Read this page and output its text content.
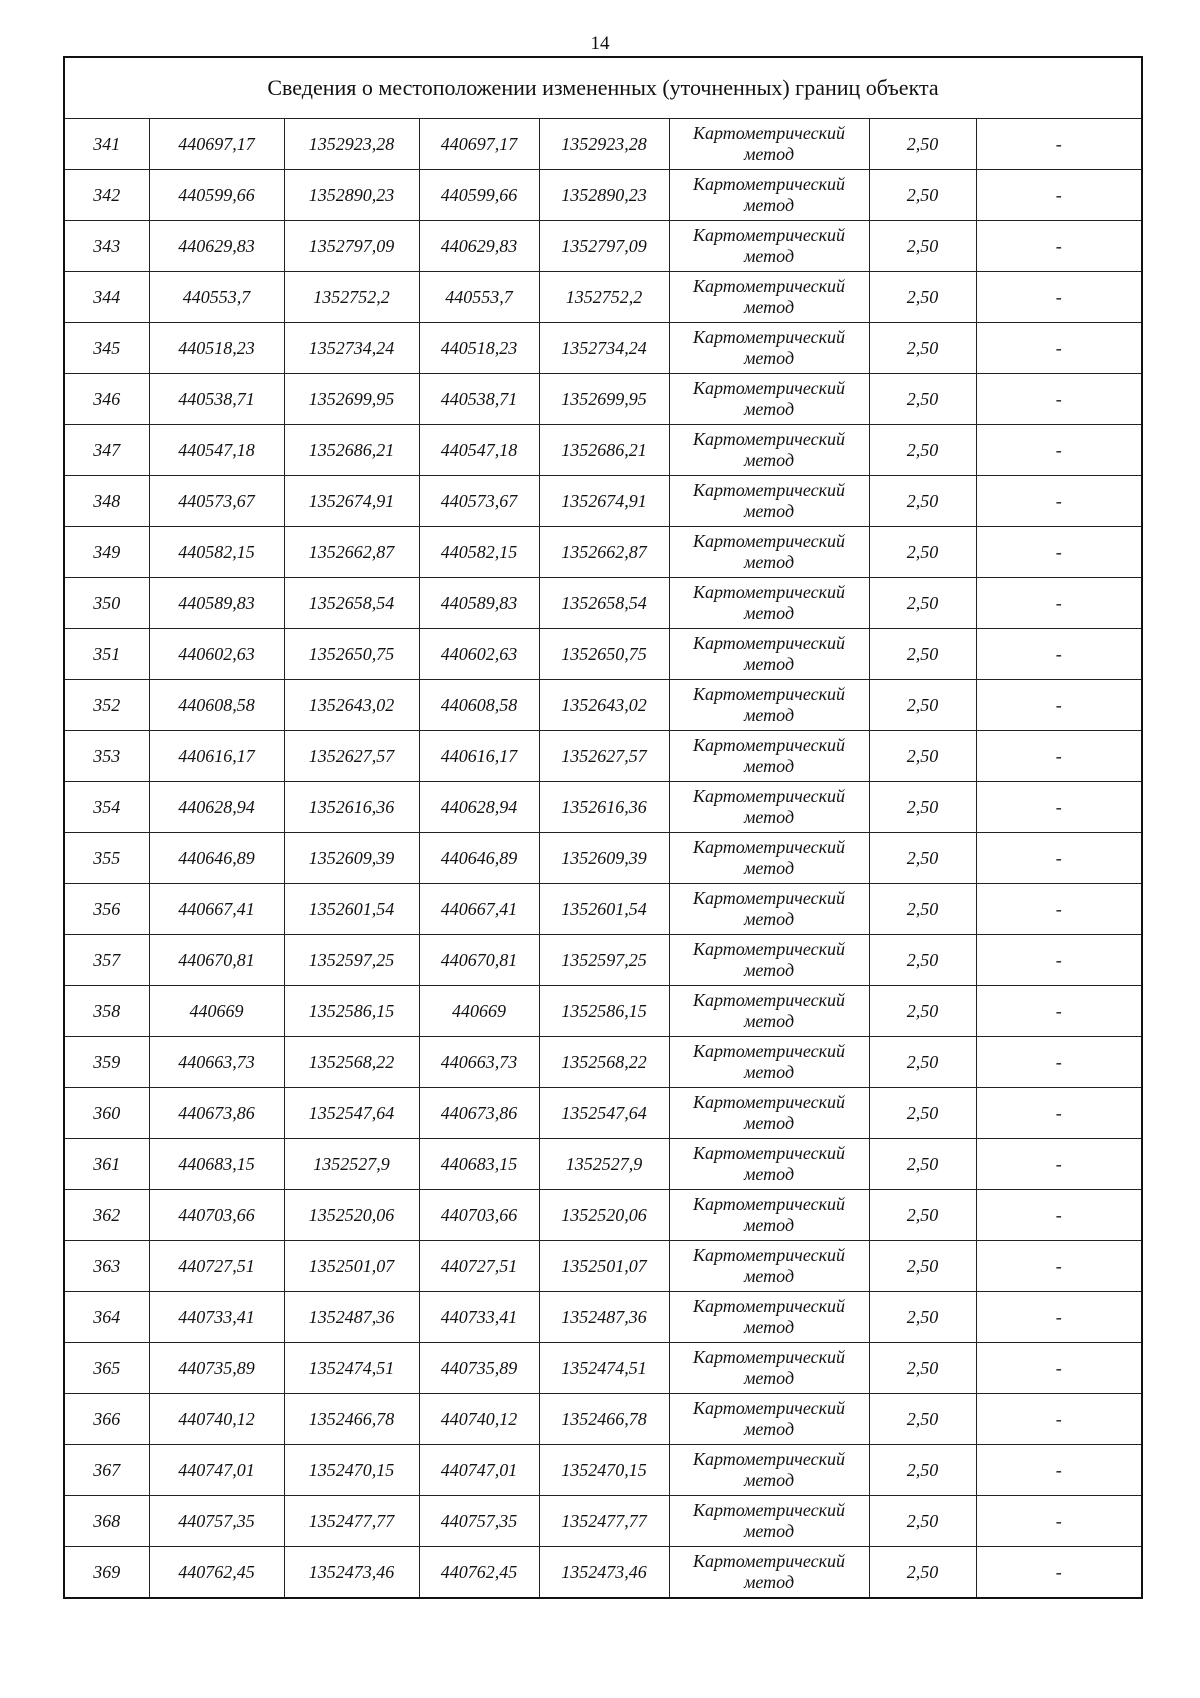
14
Сведения о местоположении измененных (уточненных) границ объекта							
341	440697,17	1352923,28	440697,17	1352923,28	Картометрический
метод	2,50	-
342	440599,66	1352890,23	440599,66	1352890,23	Картометрический
метод	2,50	-
343	440629,83	1352797,09	440629,83	1352797,09	Картометрический
метод	2,50	-
344	440553,7	1352752,2	440553,7	1352752,2	Картометрический
метод	2,50	-
345	440518,23	1352734,24	440518,23	1352734,24	Картометрический
метод	2,50	-
346	440538,71	1352699,95	440538,71	1352699,95	Картометрический
метод	2,50	-
347	440547,18	1352686,21	440547,18	1352686,21	Картометрический
метод	2,50	-
348	440573,67	1352674,91	440573,67	1352674,91	Картометрический
метод	2,50	-
349	440582,15	1352662,87	440582,15	1352662,87	Картометрический
метод	2,50	-
350	440589,83	1352658,54	440589,83	1352658,54	Картометрический
метод	2,50	-
351	440602,63	1352650,75	440602,63	1352650,75	Картометрический
метод	2,50	-
352	440608,58	1352643,02	440608,58	1352643,02	Картометрический
метод	2,50	-
353	440616,17	1352627,57	440616,17	1352627,57	Картометрический
метод	2,50	-
354	440628,94	1352616,36	440628,94	1352616,36	Картометрический
метод	2,50	-
355	440646,89	1352609,39	440646,89	1352609,39	Картометрический
метод	2,50	-
356	440667,41	1352601,54	440667,41	1352601,54	Картометрический
метод	2,50	-
357	440670,81	1352597,25	440670,81	1352597,25	Картометрический
метод	2,50	-
358	440669	1352586,15	440669	1352586,15	Картометрический
метод	2,50	-
359	440663,73	1352568,22	440663,73	1352568,22	Картометрический
метод	2,50	-
360	440673,86	1352547,64	440673,86	1352547,64	Картометрический
метод	2,50	-
361	440683,15	1352527,9	440683,15	1352527,9	Картометрический
метод	2,50	-
362	440703,66	1352520,06	440703,66	1352520,06	Картометрический
метод	2,50	-
363	440727,51	1352501,07	440727,51	1352501,07	Картометрический
метод	2,50	-
364	440733,41	1352487,36	440733,41	1352487,36	Картометрический
метод	2,50	-
365	440735,89	1352474,51	440735,89	1352474,51	Картометрический
метод	2,50	-
366	440740,12	1352466,78	440740,12	1352466,78	Картометрический
метод	2,50	-
367	440747,01	1352470,15	440747,01	1352470,15	Картометрический
метод	2,50	-
368	440757,35	1352477,77	440757,35	1352477,77	Картометрический
метод	2,50	-
369	440762,45	1352473,46	440762,45	1352473,46	Картометрический
метод	2,50	-
